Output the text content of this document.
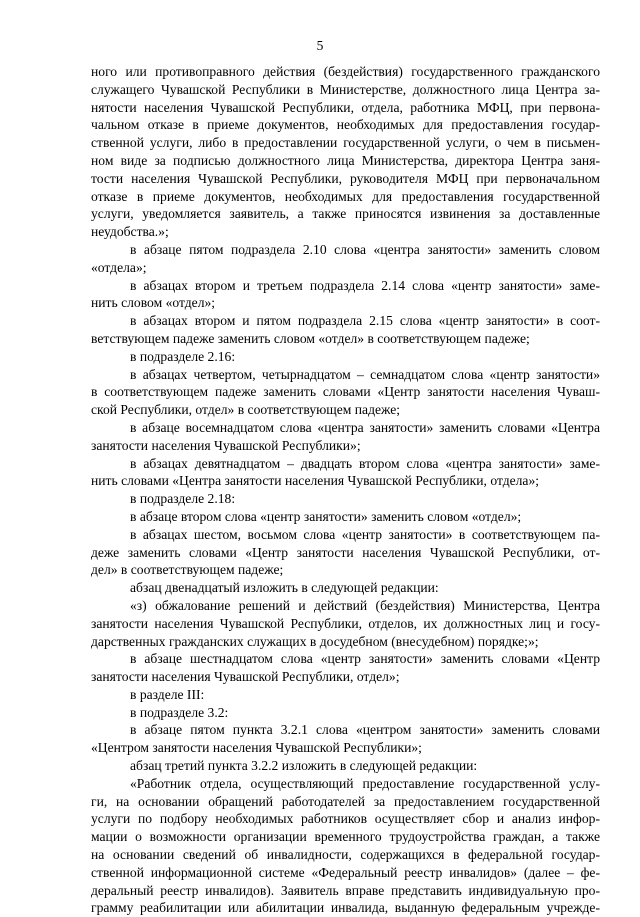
5
ного или противоправного действия (бездействия) государственного гражданского
служащего Чувашской Республики в Министерстве, должностного лица Центра за-
нятости населения Чувашской Республики, отдела, работника МФЦ, при первона-
чальном отказе в приеме документов, необходимых для предоставления государ-
ственной услуги, либо в предоставлении государственной услуги, о чем в письмен-
ном виде за подписью должностного лица Министерства, директора Центра заня-
тости населения Чувашской Республики, руководителя МФЦ при первоначальном
отказе в приеме документов, необходимых для предоставления государственной
услуги, уведомляется заявитель, а также приносятся извинения за доставленные
неудобства.»;
в абзаце пятом подраздела 2.10 слова «центра занятости» заменить словом
«отдела»;
в абзацах втором и третьем подраздела 2.14 слова «центр занятости» заме-
нить словом «отдел»;
в абзацах втором и пятом подраздела 2.15 слова «центр занятости» в соот-
ветствующем падеже заменить словом «отдел» в соответствующем падеже;
в подразделе 2.16:
в абзацах четвертом, четырнадцатом – семнадцатом слова «центр занятости»
в соответствующем падеже заменить словами «Центр занятости населения Чуваш-
ской Республики, отдел» в соответствующем падеже;
в абзаце восемнадцатом слова «центра занятости» заменить словами «Центра
занятости населения Чувашской Республики»;
в абзацах девятнадцатом – двадцать втором слова «центра занятости» заме-
нить словами «Центра занятости населения Чувашской Республики, отдела»;
в подразделе 2.18:
в абзаце втором слова «центр занятости» заменить словом «отдел»;
в абзацах шестом, восьмом слова «центр занятости» в соответствующем па-
деже заменить словами «Центр занятости населения Чувашской Республики, от-
дел» в соответствующем падеже;
абзац двенадцатый изложить в следующей редакции:
«з) обжалование решений и действий (бездействия) Министерства, Центра
занятости населения Чувашской Республики, отделов, их должностных лиц и госу-
дарственных гражданских служащих в досудебном (внесудебном) порядке;»;
в абзаце шестнадцатом слова «центр занятости» заменить словами «Центр
занятости населения Чувашской Республики, отдел»;
в разделе III:
в подразделе 3.2:
в абзаце пятом пункта 3.2.1 слова «центром занятости» заменить словами
«Центром занятости населения Чувашской Республики»;
абзац третий пункта 3.2.2 изложить в следующей редакции:
«Работник отдела, осуществляющий предоставление государственной услу-
ги, на основании обращений работодателей за предоставлением государственной
услуги по подбору необходимых работников осуществляет сбор и анализ инфор-
мации о возможности организации временного трудоустройства граждан, а также
на основании сведений об инвалидности, содержащихся в федеральной государ-
ственной информационной системе «Федеральный реестр инвалидов» (далее – фе-
деральный реестр инвалидов). Заявитель вправе представить индивидуальную про-
грамму реабилитации или абилитации инвалида, выданную федеральным учрежде-
